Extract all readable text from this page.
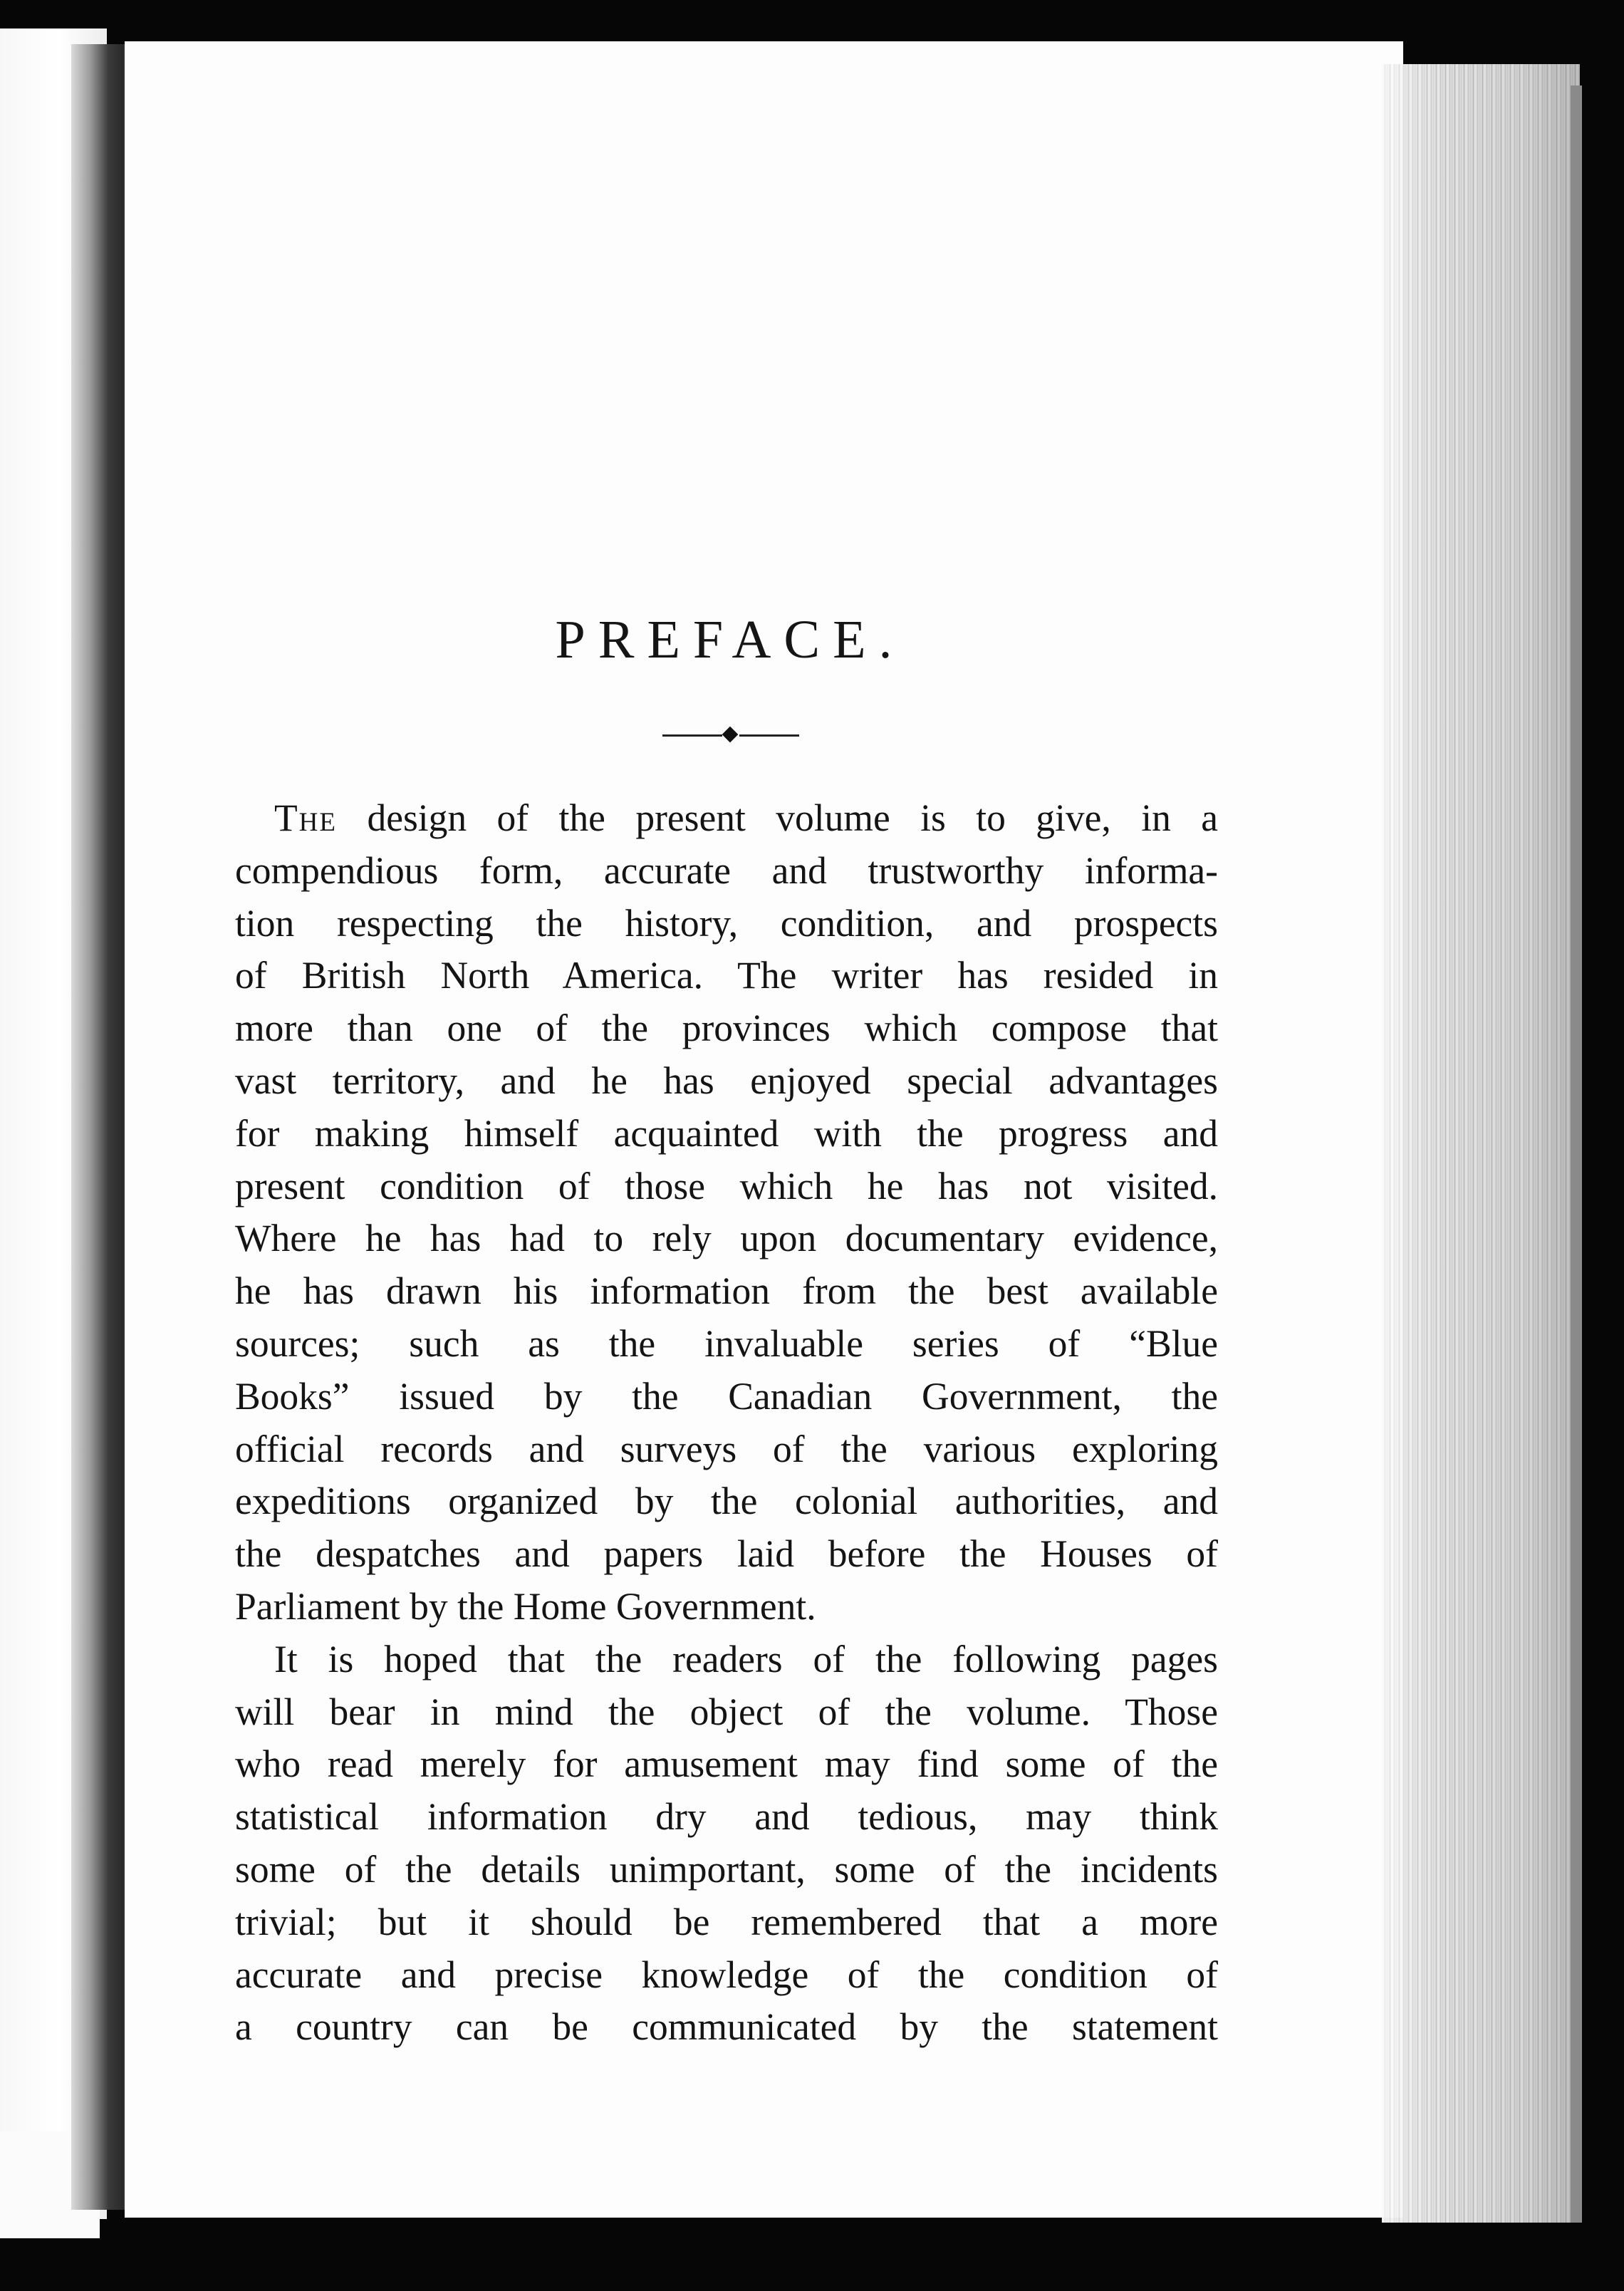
PREFACE.
The design of the present volume is to give, in a
compendious form, accurate and trustworthy informa-
tion respecting the history, condition, and prospects
of British North America. The writer has resided in
more than one of the provinces which compose that
vast territory, and he has enjoyed special advantages
for making himself acquainted with the progress and
present condition of those which he has not visited.
Where he has had to rely upon documentary evidence,
he has drawn his information from the best available
sources; such as the invaluable series of “Blue
Books” issued by the Canadian Government, the
official records and surveys of the various exploring
expeditions organized by the colonial authorities, and
the despatches and papers laid before the Houses of
Parliament by the Home Government.
It is hoped that the readers of the following pages
will bear in mind the object of the volume. Those
who read merely for amusement may find some of the
statistical information dry and tedious, may think
some of the details unimportant, some of the incidents
trivial; but it should be remembered that a more
accurate and precise knowledge of the condition of
a country can be communicated by the statement
